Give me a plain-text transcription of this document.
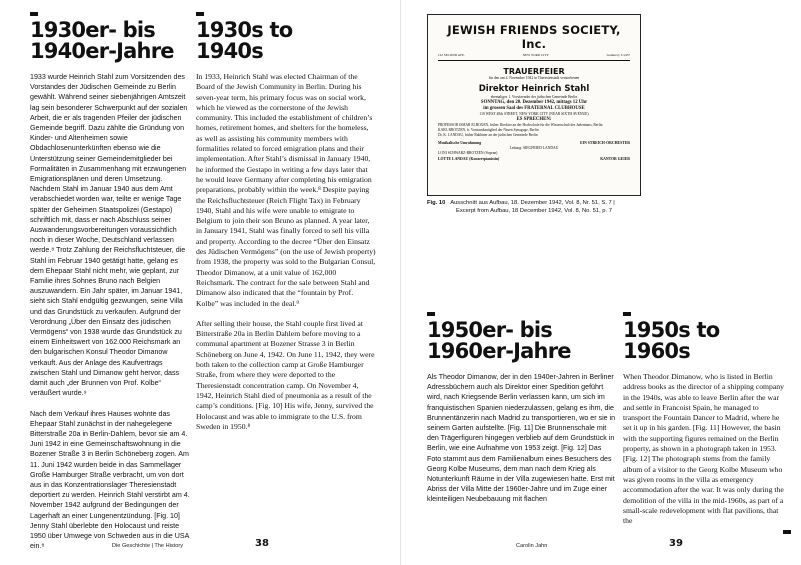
1930er- bis
1940er-Jahre
1930s to
1940s

1933 wurde Heinrich Stahl zum Vorsitzenden des Vorstandes der Jüdischen Gemeinde zu Berlin gewählt. Während seiner siebenjährigen Amtszeit lag sein besonderer Schwerpunkt auf der sozialen Arbeit, die er als tragenden Pfeiler der jüdischen Gemeinde begriff. Dazu zählte die Gründung von Kinder- und Altenheimen sowie Obdachlosenunterkünften ebenso wie die Unterstützung seiner Gemeindemitglieder bei Formalitäten in Zusammenhang mit erzwungenen Emigrationsplänen und deren Umsetzung. Nachdem Stahl im Januar 1940 aus dem Amt verabschiedet worden war, teilte er wenige Tage später der Geheimen Staatspolizei (Gestapo) schriftlich mit, dass er nach Abschluss seiner Auswanderungsvorbereitungen voraussichtlich noch in dieser Woche, Deutschland verlassen werde.⁸ Trotz Zahlung der Reichsfluchtsteuer, die Stahl im Februar 1940 getätigt hatte, gelang es dem Ehepaar Stahl nicht mehr, wie geplant, zur Familie ihres Sohnes Bruno nach Belgien auszuwandern. Ein Jahr später, im Januar 1941, sieht sich Stahl endgültig gezwungen, seine Villa und das Grundstück zu verkaufen. Aufgrund der Verordnung „Über den Einsatz des jüdischen Vermögens“ von 1938 wurde das Grundstück zu einem Einheitswert von 162.000 Reichsmark an den bulgarischen Konsul Theodor Dimanow verkauft. Aus der Anlage des Kaufvertrags zwischen Stahl und Dimanow geht hervor, dass damit auch „der Brunnen von Prof. Kolbe“ veräußert wurde.⁹

Nach dem Verkauf ihres Hauses wohnte das Ehepaar Stahl zunächst in der nahegelegene Bitterstraße 20a in Berlin-Dahlem, bevor sie am 4. Juni 1942 in eine Gemeinschaftswohnung in die Bozener Straße 3 in Berlin Schöneberg zogen. Am 11. Juni 1942 wurden beide in das Sammellager Große Hamburger Straße verbracht, um von dort aus in das Konzentrationslager Theresienstadt deportiert zu werden. Heinrich Stahl verstirbt am 4. November 1942 aufgrund der Bedingungen der Lagerhaft an einer Lungenentzündung. [Fig. 10] Jenny Stahl überlebte den Holocaust und reiste 1950 über Umwege von Schweden aus in die USA ein.⁸

In 1933, Heinrich Stahl was elected Chairman of the Board of the Jewish Community in Berlin. During his seven-year term, his primary focus was on social work, which he viewed as the cornerstone of the Jewish community. This included the establishment of children’s homes, retirement homes, and shelters for the homeless, as well as assisting his community members with formalities related to forced emigration plans and their implementation. After Stahl’s dismissal in January 1940, he informed the Gestapo in writing a few days later that he would leave Germany after completing his emigration preparations, probably within the week.⁸ Despite paying the Reichsfluchtsteuer (Reich Flight Tax) in February 1940, Stahl and his wife were unable to emigrate to Belgium to join their son Bruno as planned. A year later, in January 1941, Stahl was finally forced to sell his villa and property. According to the decree “Über den Einsatz des Jüdischen Vermögens” (on the use of Jewish property) from 1938, the property was sold to the Bulgarian Consul, Theodor Dimanow, at a unit value of 162,000 Reichsmark. The contract for the sale between Stahl and Dimanow also indicated that the “fountain by Prof. Kolbe” was included in the deal.⁹

After selling their house, the Stahl couple first lived at Bitterstraße 20a in Berlin Dahlem before moving to a communal apartment at Bozener Strasse 3 in Berlin Schöneberg on June 4, 1942. On June 11, 1942, they were both taken to the collection camp at Große Hamburger Straße, from where they were deported to the Theresienstadt concentration camp. On November 4, 1942, Heinrich Stahl died of pneumonia as a result of the camp’s conditions. [Fig. 10] His wife, Jenny, survived the Holocaust and was able to immigrate to the U.S. from Sweden in 1950.⁸

Die Geschichte | The History	38
JEWISH FRIENDS SOCIETY, Inc.
122 SECOND AVE.	NEW YORK CITY	Gramercy 3-5457
TRAUERFEIER
für den am 4. November 1942 in Theresienstadt verstorbenen
Direktor Heinrich Stahl
ehemaliges 1. Vorsitzender der jüdischen Gemeinde Berlin
SONNTAG, den 20. Dezember 1942, mittags 12 Uhr
im grossen Saal des FRATERNAL CLUBHOUSE
110 WEST 48th STREET, NEW YORK CITY (NEAR SIXTH AVENUE)
ES SPRECHEN:
PROFESSOR ISMAR ELBOGEN, früher Direktor an der Hochschule für die Wissenschaft des Judentums, Berlin
KARL BROTZEN, fr. Vorstandsmitglied der Neuen Synagoge, Berlin
Dr. K. LANDAU, früher Rabbiner an der jüdischen Gemeinde Berlin
Musikalische Umrahmung	EIN STREICH-ORCHESTER
Leitung: SIEGFRIED LANDAU
LONI SCHWARZ-BROTZEN (Sopran)
LOTTE LANDAU (Konzertpianistin)	KANTOR GEIER
Fig. 10 Ausschnitt aus Aufbau, 18. Dezember 1942, Vol. 8, Nr. 51, S. 7 |
Excerpt from Aufbau, 18 December 1942, Vol. 8, No. 51, p. 7
1950er- bis
1960er-Jahre
1950s to
1960s

Als Theodor Dimanow, der in den 1940er-Jahren in Berliner Adressbüchern auch als Direktor einer Spedition geführt wird, nach Kriegsende Berlin verlassen kann, um sich im franquistischen Spanien niederzulassen, gelang es ihm, die Brunnentänzerin nach Madrid zu transportieren, wo er sie in seinem Garten aufstellte. [Fig. 11] Die Brunnenschale mit den Trägerfiguren hingegen verblieb auf dem Grundstück in Berlin, wie eine Aufnahme von 1953 zeigt. [Fig. 12] Das Foto stammt aus dem Familienalbum eines Besuchers des Georg Kolbe Museums, dem man nach dem Krieg als Notunterkunft Räume in der Villa zugewiesen hatte. Erst mit Abriss der Villa Mitte der 1960er-Jahre und im Zuge einer kleinteiligen Neubebauung mit flachen

When Theodor Dimanow, who is listed in Berlin address books as the director of a shipping company in the 1940s, was able to leave Berlin after the war and settle in Francoist Spain, he managed to transport the Fountain Dancer to Madrid, where he set it up in his garden. [Fig. 11] However, the basin with the supporting figures remained on the Berlin property, as shown in a photograph taken in 1953. [Fig. 12] The photograph stems from the family album of a visitor to the Georg Kolbe Museum who was given rooms in the villa as emergency accommodation after the war. It was only during the demolition of the villa in the mid-1960s, as part of a small-scale redevelopment with flat pavilions, that the

Carolin Jahn	39
